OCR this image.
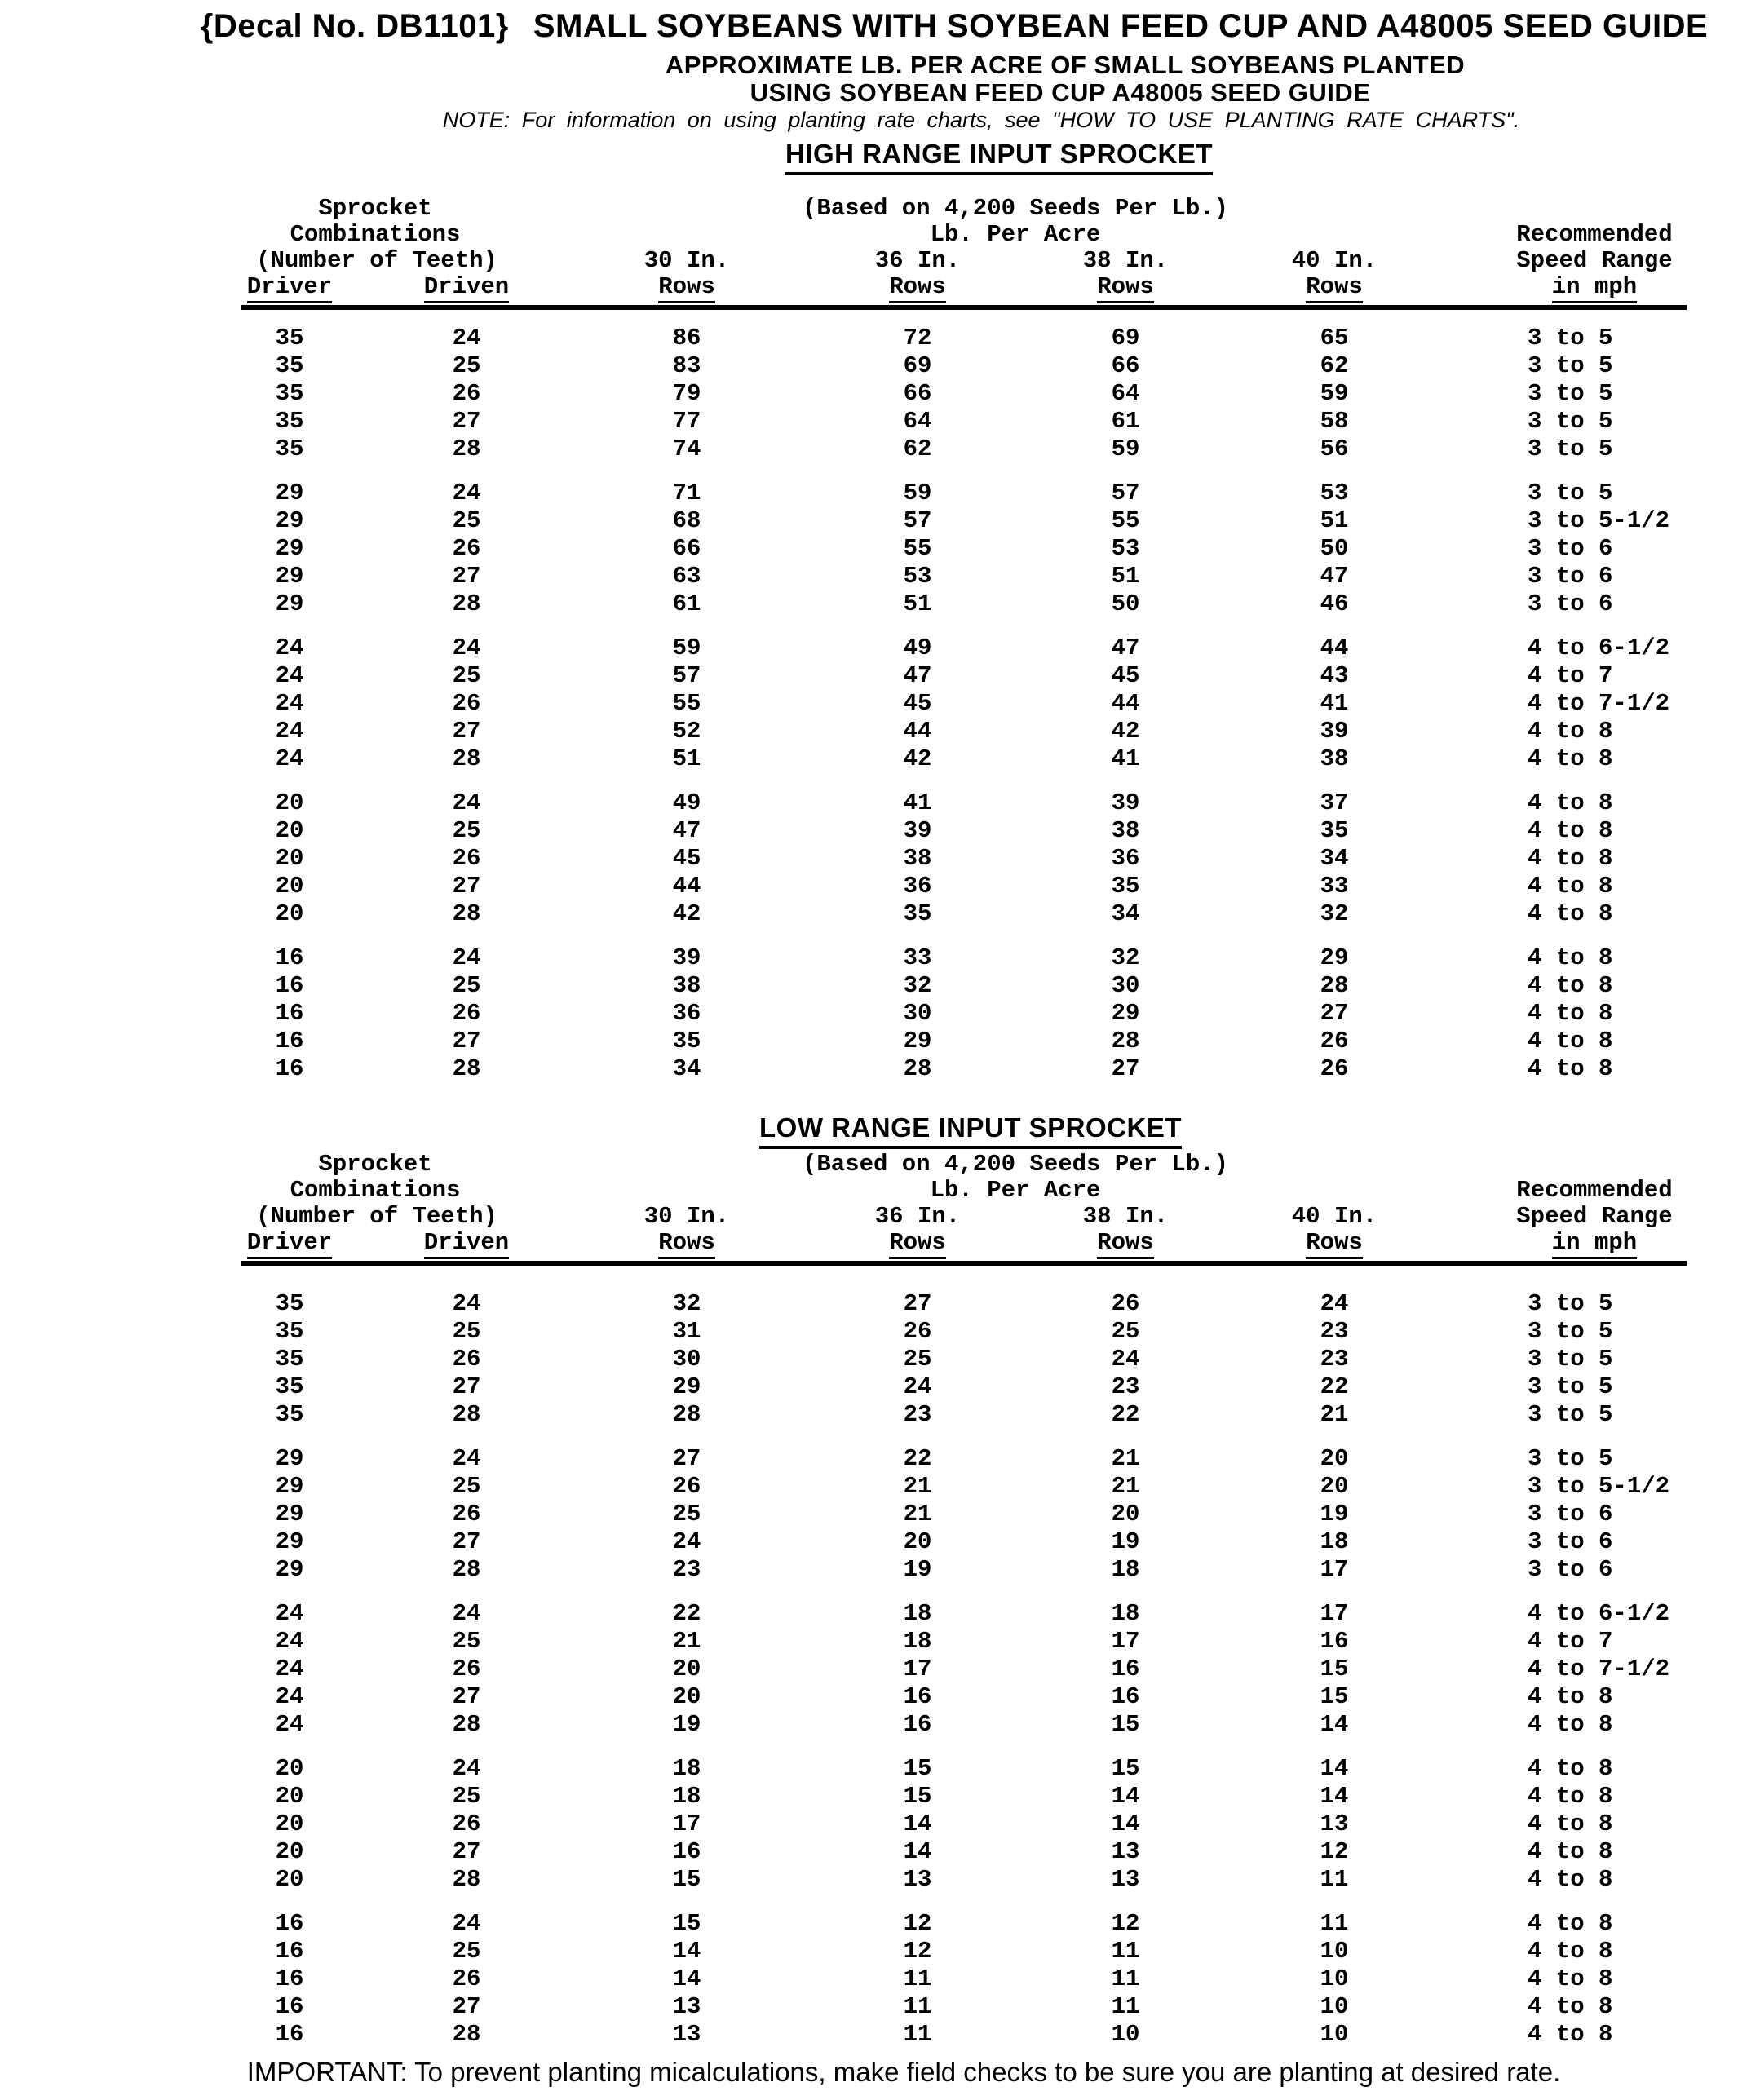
{Decal No. DB1101} SMALL SOYBEANS WITH SOYBEAN FEED CUP AND A48005 SEED GUIDE
APPROXIMATE LB. PER ACRE OF SMALL SOYBEANS PLANTED
USING SOYBEAN FEED CUP A48005 SEED GUIDE
NOTE: For information on using planting rate charts, see "HOW TO USE PLANTING RATE CHARTS".
HIGH RANGE INPUT SPROCKET
Sprocket	(Based on 4,200 Seeds Per Lb.)
Combinations	Lb. Per Acre	Recommended
(Number of Teeth)	30 In.	36 In.	38 In.	40 In.	Speed Range
Driver	Driven	Rows	Rows	Rows	Rows	in mph
35	24	86	72	69	65	3 to 5
35	25	83	69	66	62	3 to 5
35	26	79	66	64	59	3 to 5
35	27	77	64	61	58	3 to 5
35	28	74	62	59	56	3 to 5
29	24	71	59	57	53	3 to 5
29	25	68	57	55	51	3 to 5-1/2
29	26	66	55	53	50	3 to 6
29	27	63	53	51	47	3 to 6
29	28	61	51	50	46	3 to 6
24	24	59	49	47	44	4 to 6-1/2
24	25	57	47	45	43	4 to 7
24	26	55	45	44	41	4 to 7-1/2
24	27	52	44	42	39	4 to 8
24	28	51	42	41	38	4 to 8
20	24	49	41	39	37	4 to 8
20	25	47	39	38	35	4 to 8
20	26	45	38	36	34	4 to 8
20	27	44	36	35	33	4 to 8
20	28	42	35	34	32	4 to 8
16	24	39	33	32	29	4 to 8
16	25	38	32	30	28	4 to 8
16	26	36	30	29	27	4 to 8
16	27	35	29	28	26	4 to 8
16	28	34	28	27	26	4 to 8
LOW RANGE INPUT SPROCKET
Sprocket	(Based on 4,200 Seeds Per Lb.)
Combinations	Lb. Per Acre	Recommended
(Number of Teeth)	30 In.	36 In.	38 In.	40 In.	Speed Range
Driver	Driven	Rows	Rows	Rows	Rows	in mph
35	24	32	27	26	24	3 to 5
35	25	31	26	25	23	3 to 5
35	26	30	25	24	23	3 to 5
35	27	29	24	23	22	3 to 5
35	28	28	23	22	21	3 to 5
29	24	27	22	21	20	3 to 5
29	25	26	21	21	20	3 to 5-1/2
29	26	25	21	20	19	3 to 6
29	27	24	20	19	18	3 to 6
29	28	23	19	18	17	3 to 6
24	24	22	18	18	17	4 to 6-1/2
24	25	21	18	17	16	4 to 7
24	26	20	17	16	15	4 to 7-1/2
24	27	20	16	16	15	4 to 8
24	28	19	16	15	14	4 to 8
20	24	18	15	15	14	4 to 8
20	25	18	15	14	14	4 to 8
20	26	17	14	14	13	4 to 8
20	27	16	14	13	12	4 to 8
20	28	15	13	13	11	4 to 8
16	24	15	12	12	11	4 to 8
16	25	14	12	11	10	4 to 8
16	26	14	11	11	10	4 to 8
16	27	13	11	11	10	4 to 8
16	28	13	11	10	10	4 to 8
IMPORTANT: To prevent planting micalculations, make field checks to be sure you are planting at desired rate.
